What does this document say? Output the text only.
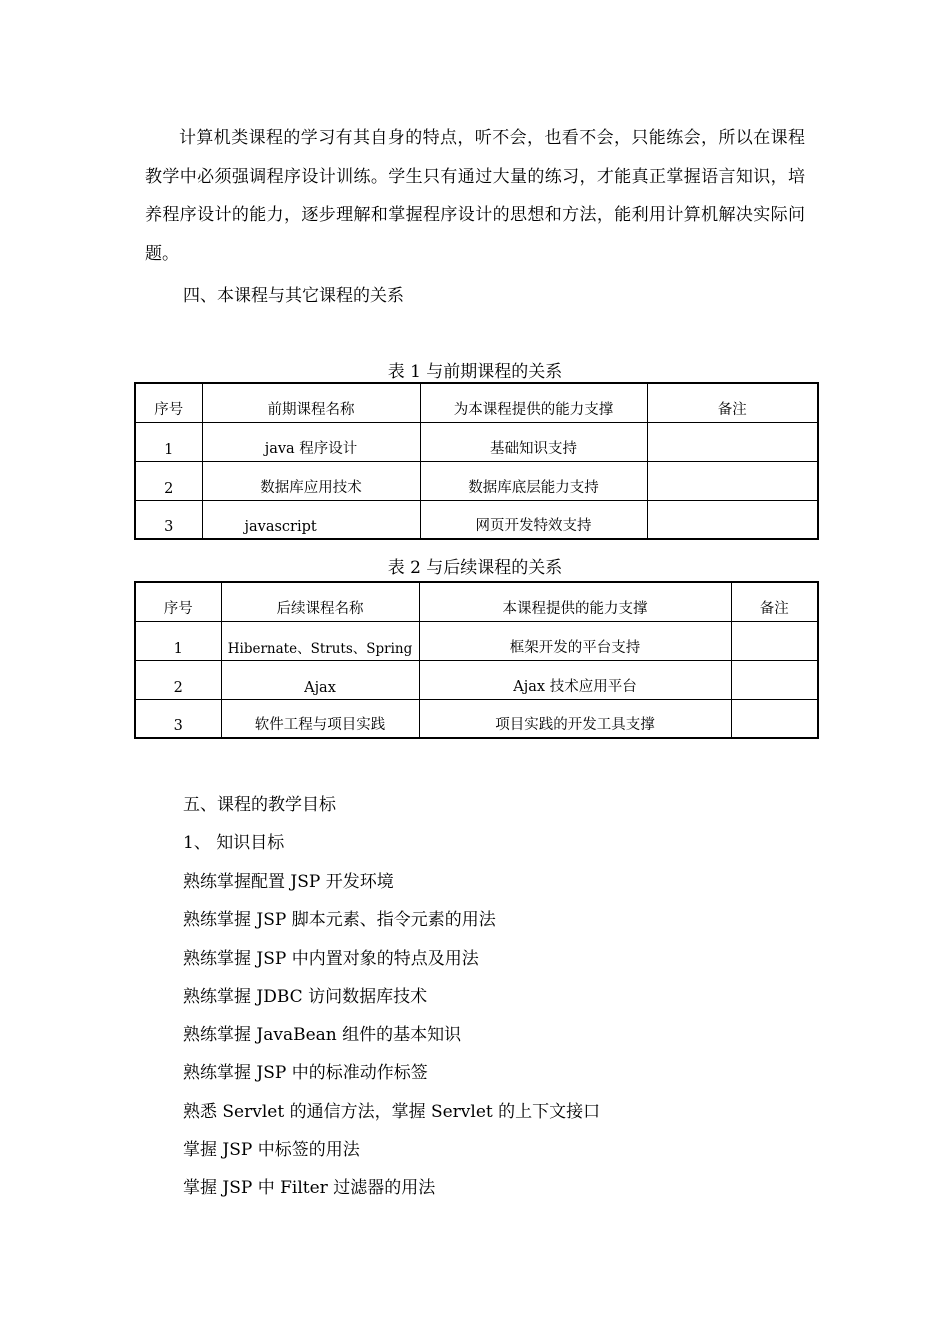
计算机类课程的学习有其自身的特点，听不会，也看不会，只能练会，所以在课程教学中必须强调程序设计训练。学生只有通过大量的练习，才能真正掌握语言知识，培养程序设计的能力，逐步理解和掌握程序设计的思想和方法，能利用计算机解决实际问题。

四、本课程与其它课程的关系

表 1 与前期课程的关系

序号	前期课程名称	为本课程提供的能力支撑	备注
1	java 程序设计	基础知识支持	
2	数据库应用技术	数据库底层能力支持	
3	javascript	网页开发特效支持	

表 2 与后续课程的关系

序号	后续课程名称	本课程提供的能力支撑	备注
1	Hibernate、Struts、Spring	框架开发的平台支持	
2	Ajax	Ajax 技术应用平台	
3	软件工程与项目实践	项目实践的开发工具支撑	

五、课程的教学目标

1、 知识目标

熟练掌握配置 JSP 开发环境

熟练掌握 JSP 脚本元素、指令元素的用法

熟练掌握 JSP 中内置对象的特点及用法

熟练掌握 JDBC 访问数据库技术

熟练掌握 JavaBean 组件的基本知识

熟练掌握 JSP 中的标准动作标签

熟悉 Servlet 的通信方法，掌握 Servlet 的上下文接口

掌握 JSP 中标签的用法

掌握 JSP 中 Filter 过滤器的用法
